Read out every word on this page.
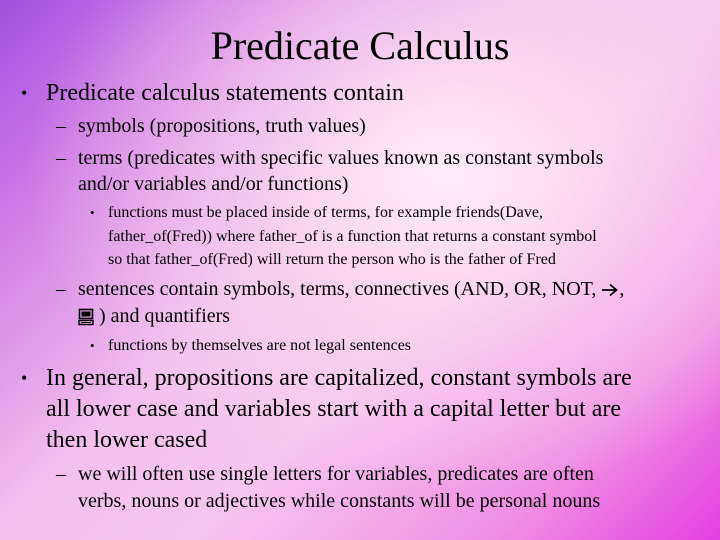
Predicate Calculus
• Predicate calculus statements contain
– symbols (propositions, truth values)
– terms (predicates with specific values known as constant symbols
and/or variables and/or functions)
• functions must be placed inside of terms, for example friends(Dave,
father_of(Fred)) where father_of is a function that returns a constant symbol
so that father_of(Fred) will return the person who is the father of Fred
– sentences contain symbols, terms, connectives (AND, OR, NOT, ,
) and quantifiers
• functions by themselves are not legal sentences
• In general, propositions are capitalized, constant symbols are
all lower case and variables start with a capital letter but are
then lower cased
– we will often use single letters for variables, predicates are often
verbs, nouns or adjectives while constants will be personal nouns
